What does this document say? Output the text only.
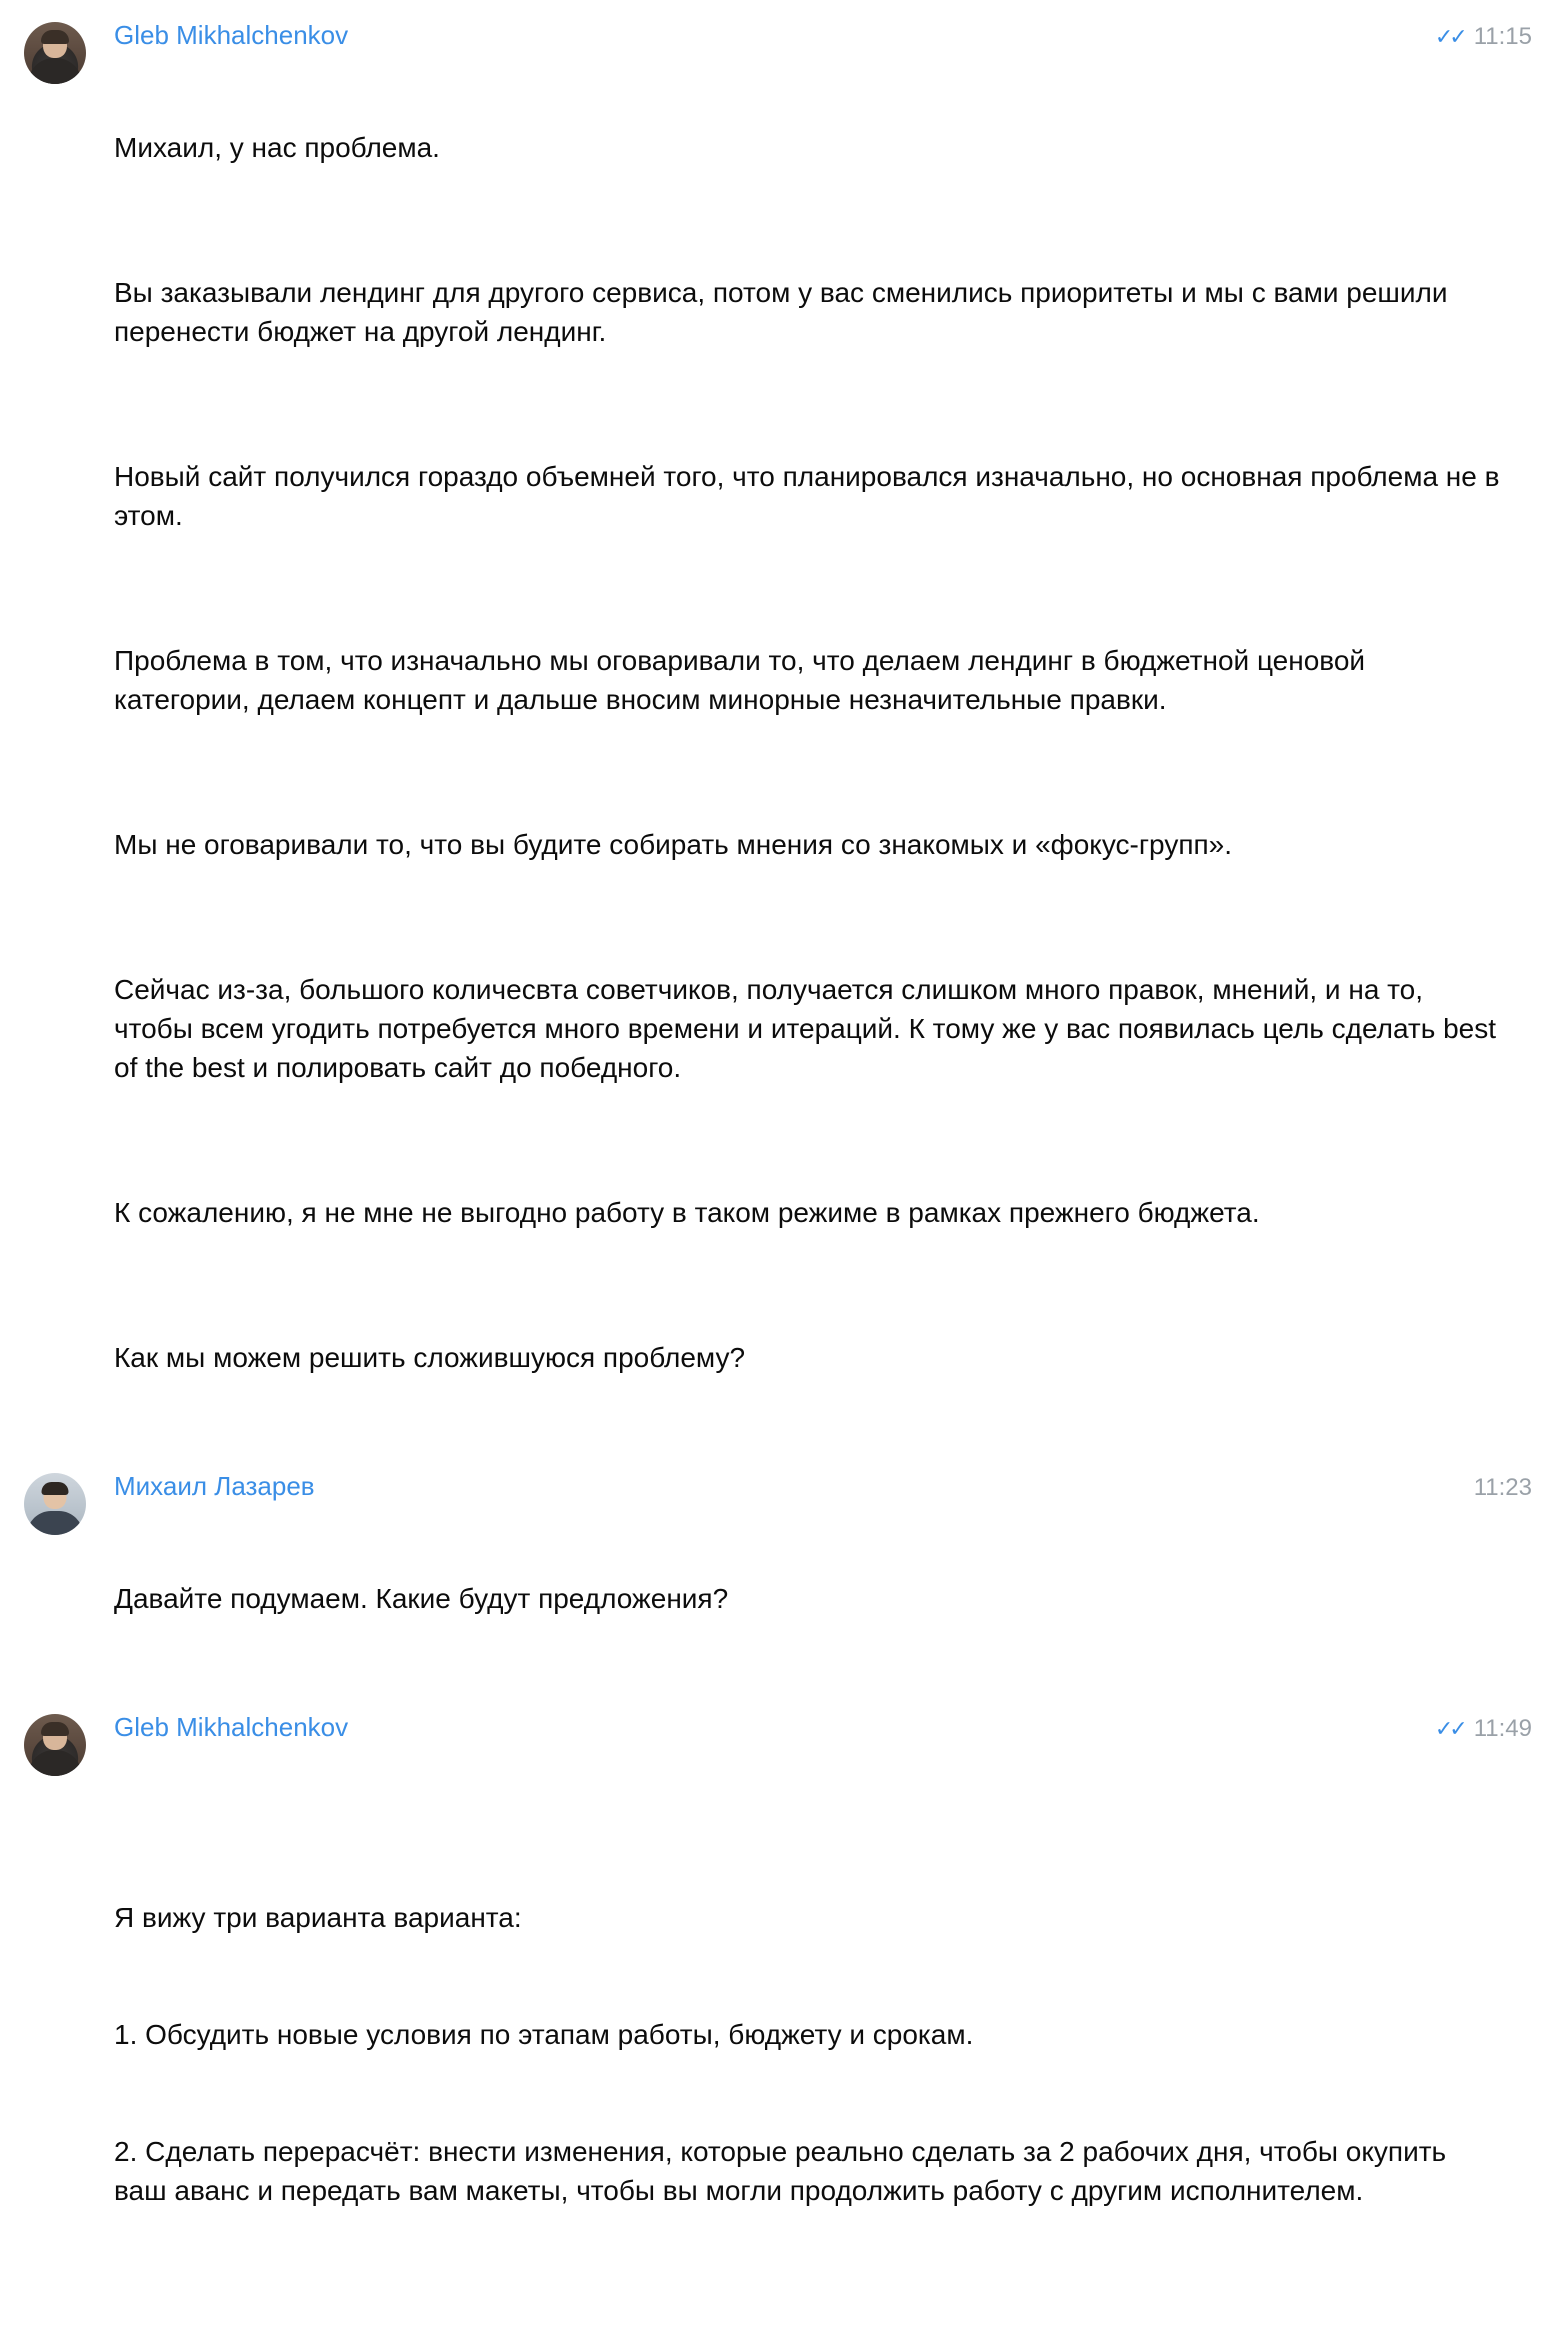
Gleb Mikhalchenkov	✓✓ 11:15

Михаил, у нас проблема.

Вы заказывали лендинг для другого сервиса, потом у вас сменились приоритеты и мы с вами решили перенести бюджет на другой лендинг.

Новый сайт получился гораздо объемней того, что планировался изначально, но основная проблема не в этом.

Проблема в том, что изначально мы оговаривали то, что делаем лендинг в бюджетной ценовой категории, делаем концепт и дальше вносим минорные незначительные правки.

Мы не оговаривали то, что вы будите собирать мнения со знакомых и «фокус-групп».

Сейчас из-за, большого количесвта советчиков, получается слишком много правок, мнений, и на то, чтобы всем угодить потребуется много времени и итераций. К тому же у вас появилась цель сделать best of the best и полировать сайт до победного.

К сожалению, я не мне не выгодно работу в таком режиме в рамках прежнего бюджета.

Как мы можем решить сложившуюся проблему?

Михаил Лазарев	11:23

Давайте подумаем. Какие будут предложения?

Gleb Mikhalchenkov	✓✓ 11:49

Я вижу три варианта варианта:

1. Обсудить новые условия по этапам работы, бюджету и срокам.

2. Сделать перерасчёт: внести изменения, которые реально сделать за 2 рабочих дня, чтобы окупить ваш аванс и передать вам макеты, чтобы вы могли продолжить работу с другим исполнителем.
